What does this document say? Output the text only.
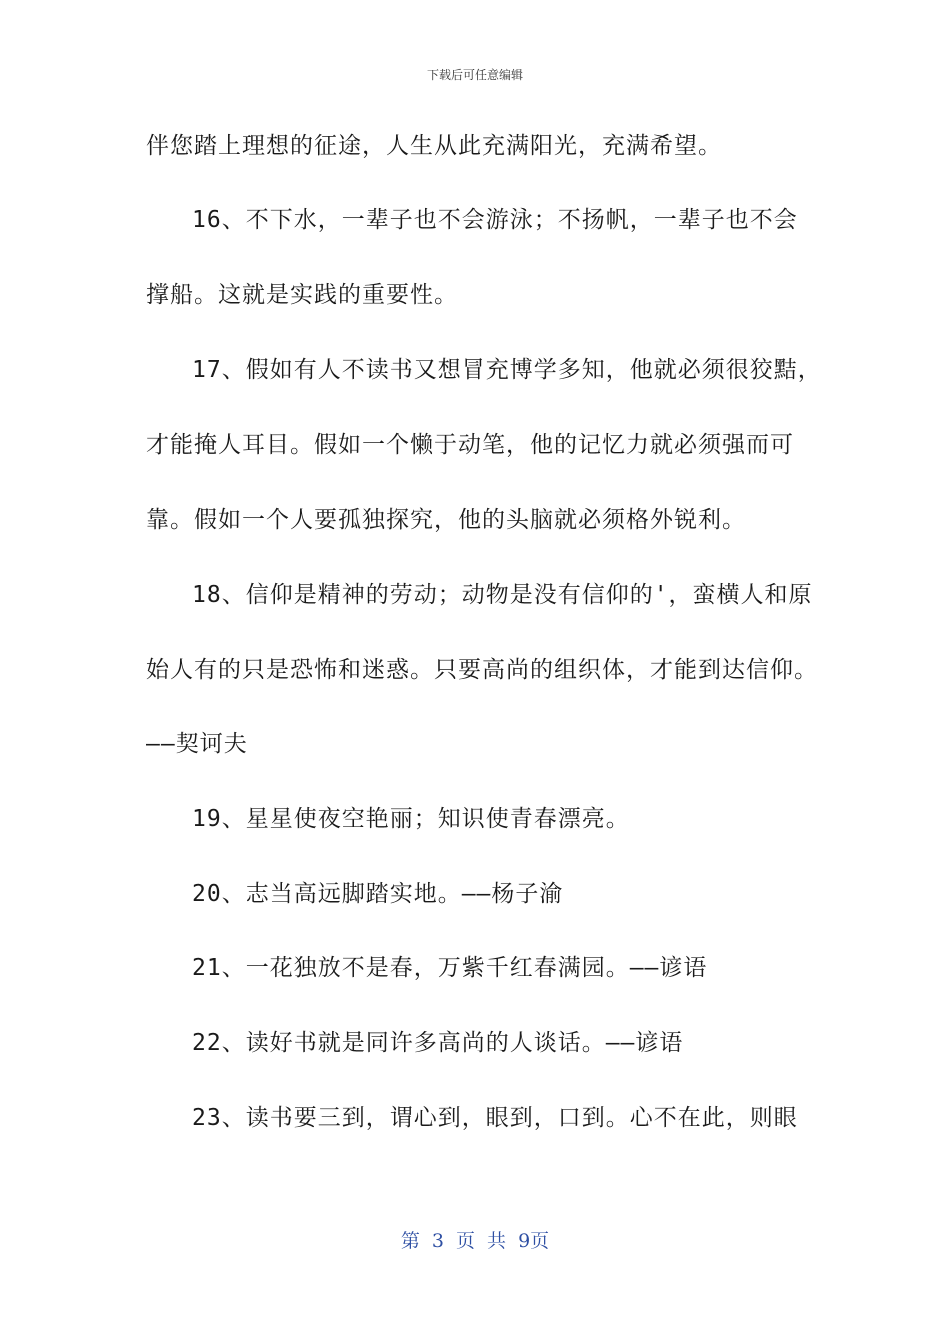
下载后可任意编辑
伴您踏上理想的征途，人生从此充满阳光，充满希望。
16、不下水，一辈子也不会游泳；不扬帆，一辈子也不会
撑船。这就是实践的重要性。
17、假如有人不读书又想冒充博学多知，他就必须很狡黠，
才能掩人耳目。假如一个懒于动笔，他的记忆力就必须强而可
靠。假如一个人要孤独探究，他的头脑就必须格外锐利。
18、信仰是精神的劳动；动物是没有信仰的'，蛮横人和原
始人有的只是恐怖和迷惑。只要高尚的组织体，才能到达信仰。
——契诃夫
19、星星使夜空艳丽；知识使青春漂亮。
20、志当高远脚踏实地。——杨子渝
21、一花独放不是春，万紫千红春满园。——谚语
22、读好书就是同许多高尚的人谈话。——谚语
23、读书要三到，谓心到，眼到，口到。心不在此，则眼
第 3 页 共 9页
